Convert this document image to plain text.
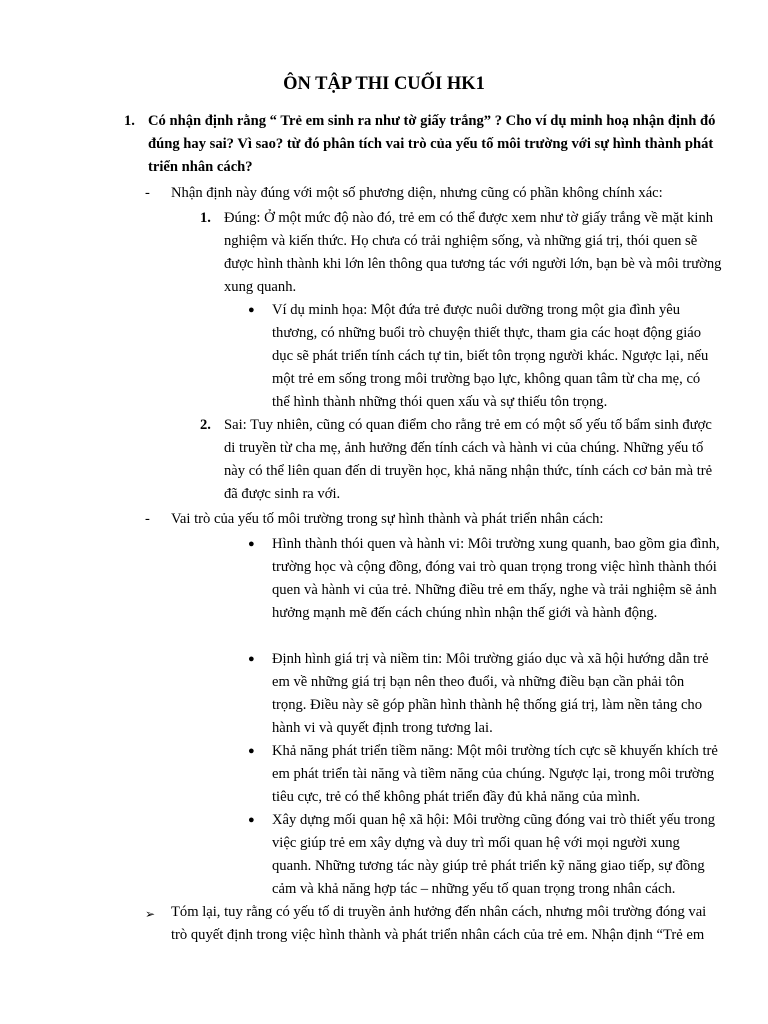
ÔN TẬP THI CUỐI HK1
1. Có nhận định rằng “ Trẻ em sinh ra như tờ giấy trắng” ? Cho ví dụ minh hoạ nhận định đó đúng hay sai? Vì sao? từ đó phân tích vai trò của yếu tố môi trường với sự hình thành phát triển nhân cách?
- Nhận định này đúng với một số phương diện, nhưng cũng có phần không chính xác:
1. Đúng: Ở một mức độ nào đó, trẻ em có thể được xem như tờ giấy trắng về mặt kinh nghiệm và kiến thức. Họ chưa có trải nghiệm sống, và những giá trị, thói quen sẽ được hình thành khi lớn lên thông qua tương tác với người lớn, bạn bè và môi trường xung quanh.
● Ví dụ minh họa: Một đứa trẻ được nuôi dưỡng trong một gia đình yêu thương, có những buổi trò chuyện thiết thực, tham gia các hoạt động giáo dục sẽ phát triển tính cách tự tin, biết tôn trọng người khác. Ngược lại, nếu một trẻ em sống trong môi trường bạo lực, không quan tâm từ cha mẹ, có thể hình thành những thói quen xấu và sự thiếu tôn trọng.
2. Sai: Tuy nhiên, cũng có quan điểm cho rằng trẻ em có một số yếu tố bẩm sinh được di truyền từ cha mẹ, ảnh hưởng đến tính cách và hành vi của chúng. Những yếu tố này có thể liên quan đến di truyền học, khả năng nhận thức, tính cách cơ bản mà trẻ đã được sinh ra với.
- Vai trò của yếu tố môi trường trong sự hình thành và phát triển nhân cách:
● Hình thành thói quen và hành vi: Môi trường xung quanh, bao gồm gia đình, trường học và cộng đồng, đóng vai trò quan trọng trong việc hình thành thói quen và hành vi của trẻ. Những điều trẻ em thấy, nghe và trải nghiệm sẽ ảnh hưởng mạnh mẽ đến cách chúng nhìn nhận thế giới và hành động.
● Định hình giá trị và niềm tin: Môi trường giáo dục và xã hội hướng dẫn trẻ em về những giá trị bạn nên theo đuổi, và những điều bạn cần phải tôn trọng. Điều này sẽ góp phần hình thành hệ thống giá trị, làm nền tảng cho hành vi và quyết định trong tương lai.
● Khả năng phát triển tiềm năng: Một môi trường tích cực sẽ khuyến khích trẻ em phát triển tài năng và tiềm năng của chúng. Ngược lại, trong môi trường tiêu cực, trẻ có thể không phát triển đầy đủ khả năng của mình.
● Xây dựng mối quan hệ xã hội: Môi trường cũng đóng vai trò thiết yếu trong việc giúp trẻ em xây dựng và duy trì mối quan hệ với mọi người xung quanh. Những tương tác này giúp trẻ phát triển kỹ năng giao tiếp, sự đồng cảm và khả năng hợp tác – những yếu tố quan trọng trong nhân cách.
➢ Tóm lại, tuy rằng có yếu tố di truyền ảnh hưởng đến nhân cách, nhưng môi trường đóng vai trò quyết định trong việc hình thành và phát triển nhân cách của trẻ em. Nhận định “Trẻ em
